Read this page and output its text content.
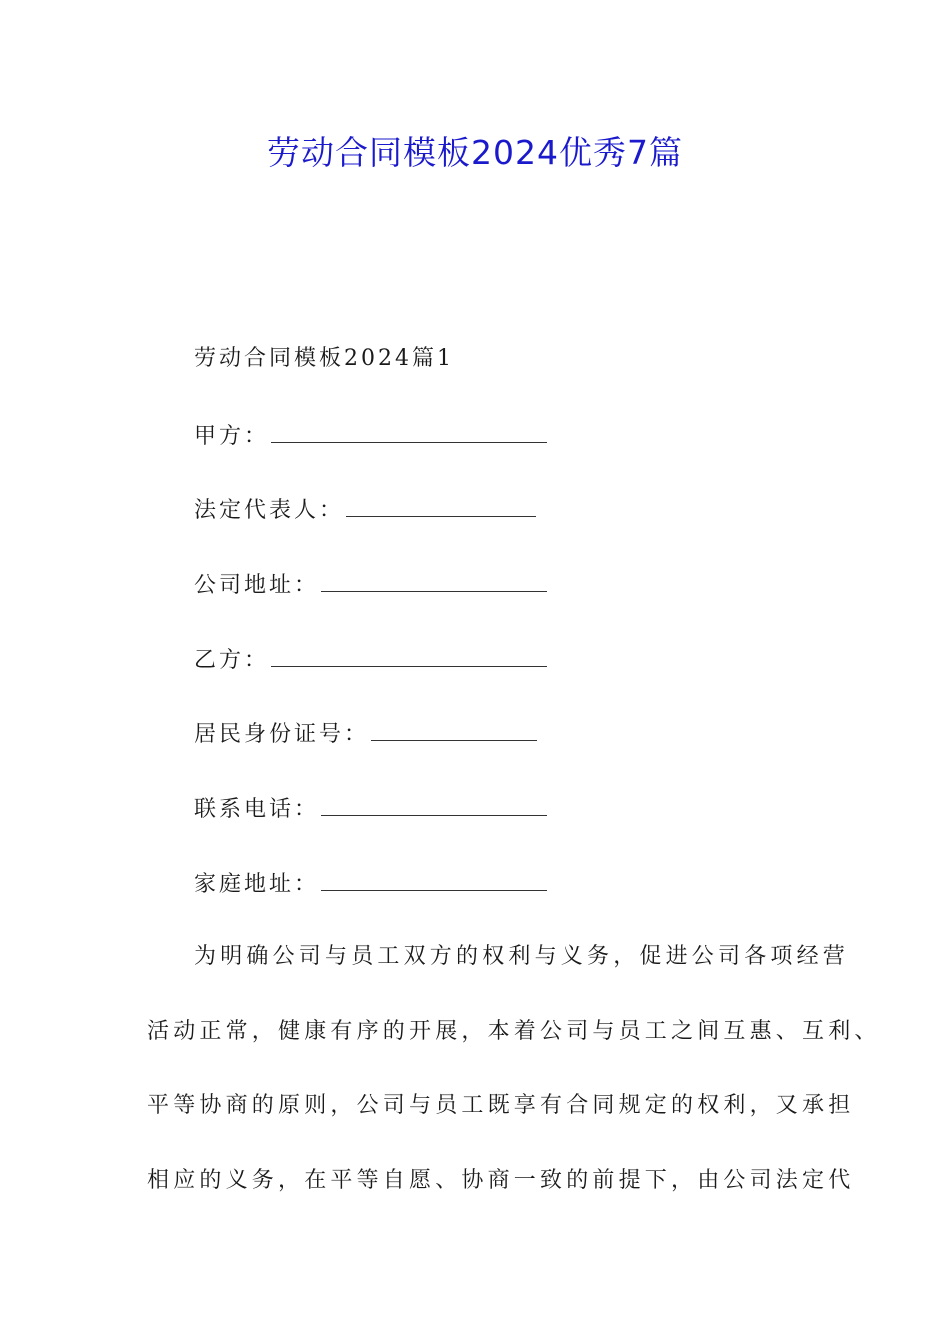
劳动合同模板2024优秀7篇
劳动合同模板2024篇1
甲方：
法定代表人：
公司地址：
乙方：
居民身份证号：
联系电话：
家庭地址：
为明确公司与员工双方的权利与义务，促进公司各项经营
活动正常，健康有序的开展，本着公司与员工之间互惠、互利、
平等协商的原则，公司与员工既享有合同规定的权利，又承担
相应的义务，在平等自愿、协商一致的前提下，由公司法定代
